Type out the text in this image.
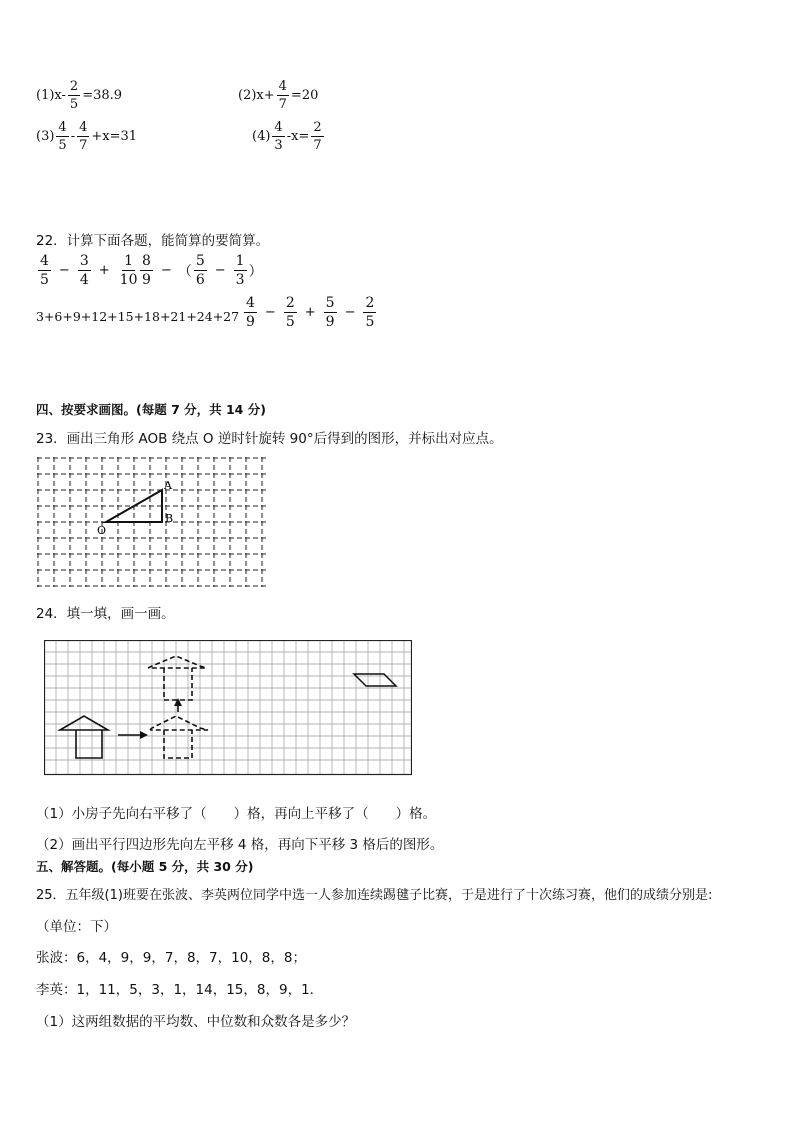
$(1)x- \frac{2}{5} =38.9$	$(2)x+ \frac{4}{7} =20$
$(3) \frac{4}{5} - \frac{4}{7} +x=31$	$(4) \frac{4}{3} -x= \frac{2}{7}$
22．计算下面各题，能简算的要简算。
$\frac{4}{5} - \frac{3}{4} + \frac{1}{10} \frac{8}{9}$ − （ $\frac{5}{6} - \frac{1}{3}$ ）
$3+6+9+12+15+18+21+24+27 \frac{4}{9} - \frac{2}{5} + \frac{5}{9} - \frac{2}{5}$
四、按要求画图。(每题 7 分，共 14 分)
23．画出三角形 AOB 绕点 O 逆时针旋转 90°后得到的图形，并标出对应点。
A
B
O
24．填一填，画一画。
（1）小房子先向右平移了（　　）格，再向上平移了（　　）格。
（2）画出平行四边形先向左平移 4 格，再向下平移 3 格后的图形。
五、解答题。(每小题 5 分，共 30 分)
25．五年级(1)班要在张波、李英两位同学中选一人参加连续踢毽子比赛，于是进行了十次练习赛，他们的成绩分别是:
（单位：下）
张波：6，4，9，9，7，8，7，10，8，8；
李英：1，11，5，3，1，14，15，8，9，1．
（1）这两组数据的平均数、中位数和众数各是多少？
